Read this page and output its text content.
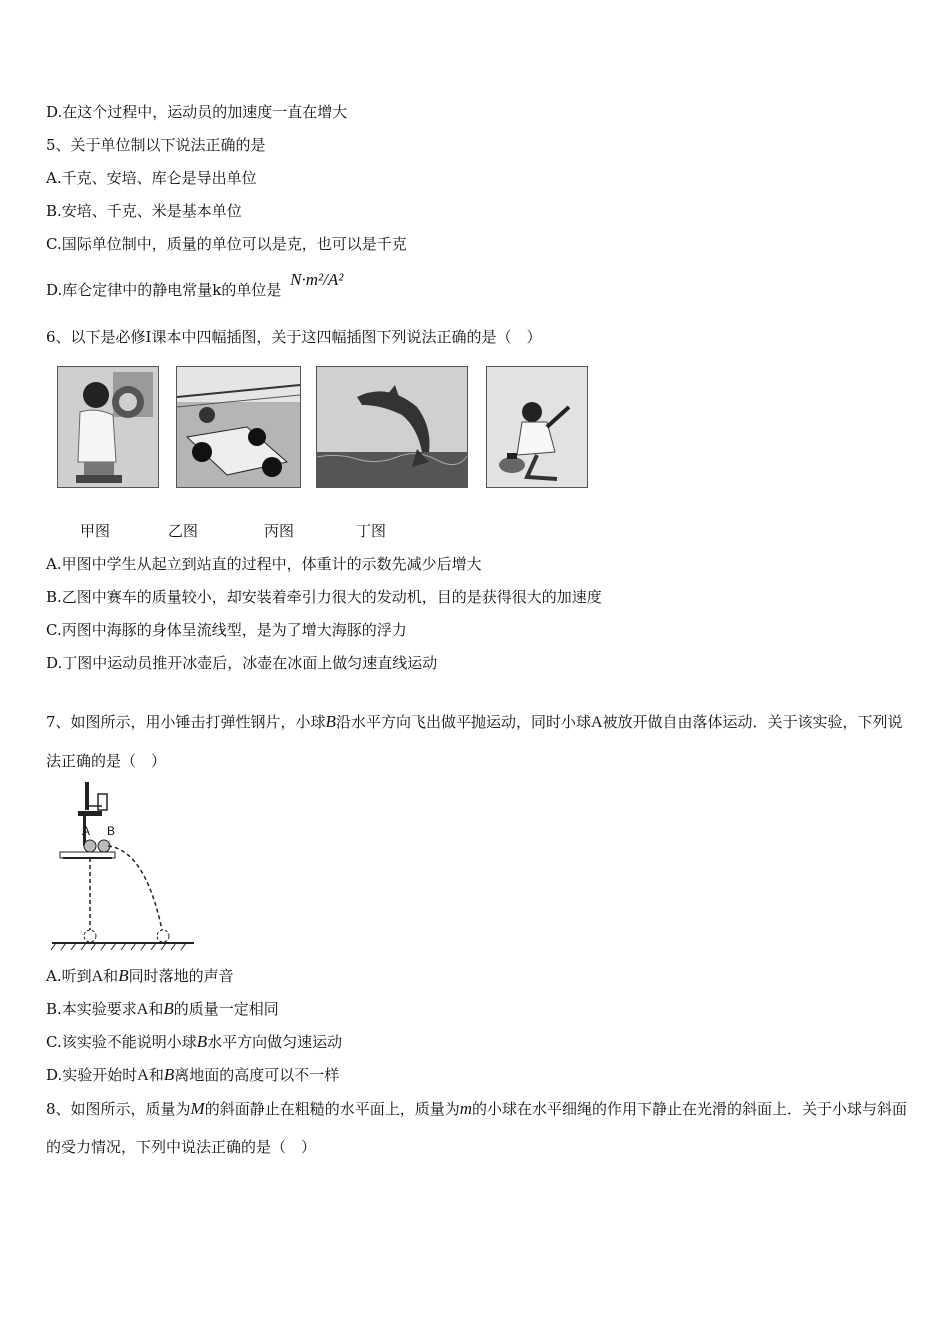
D.在这个过程中，运动员的加速度一直在增大
5、关于单位制以下说法正确的是
A.千克、安培、库仑是导出单位
B.安培、千克、米是基本单位
C.国际单位制中，质量的单位可以是克，也可以是千克
D.库仑定律中的静电常量k的单位是 N·m²/A²
6、以下是必修Ⅰ课本中四幅插图，关于这四幅插图下列说法正确的是（　）
甲图	乙图	丙图	丁图
A.甲图中学生从起立到站直的过程中，体重计的示数先减少后增大
B.乙图中赛车的质量较小，却安装着牵引力很大的发动机，目的是获得很大的加速度
C.丙图中海豚的身体呈流线型，是为了增大海豚的浮力
D.丁图中运动员推开冰壶后，冰壶在冰面上做匀速直线运动
7、如图所示，用小锤击打弹性钢片，小球B沿水平方向飞出做平抛运动，同时小球A被放开做自由落体运动．关于该实验，下列说法正确的是（　）
A B
A.听到A和B同时落地的声音
B.本实验要求A和B的质量一定相同
C.该实验不能说明小球B水平方向做匀速运动
D.实验开始时A和B离地面的高度可以不一样
8、如图所示，质量为M的斜面静止在粗糙的水平面上，质量为m的小球在水平细绳的作用下静止在光滑的斜面上．关于小球与斜面的受力情况，下列中说法正确的是（　）
